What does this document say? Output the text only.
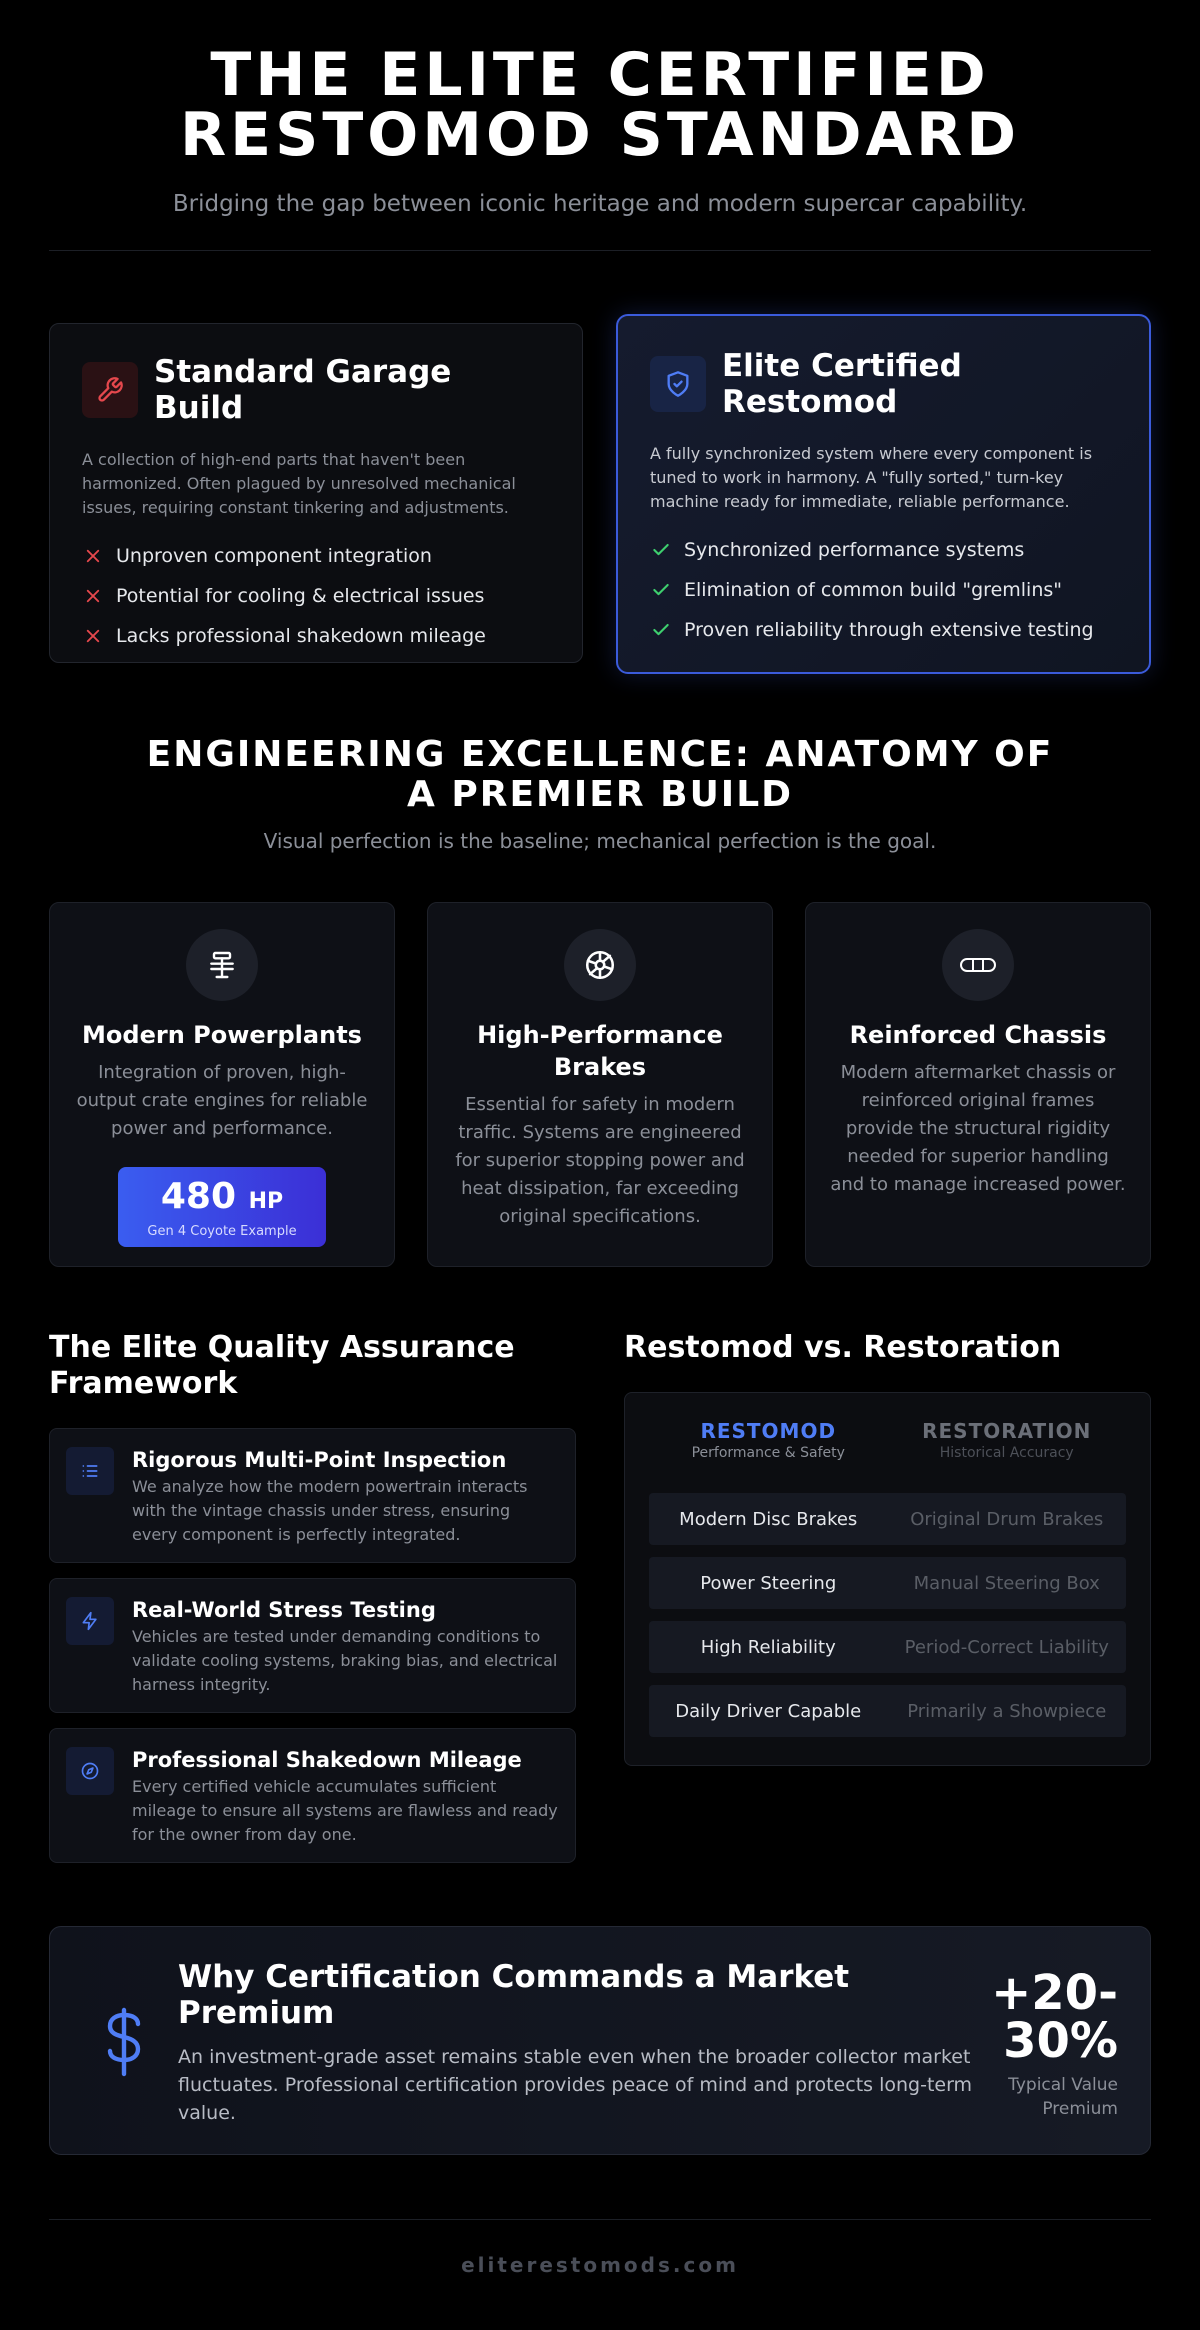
THE ELITE CERTIFIED
RESTOMOD STANDARD
Bridging the gap between iconic heritage and modern supercar capability.
Standard Garage Build
A collection of high-end parts that haven't been harmonized. Often plagued by unresolved mechanical issues, requiring constant tinkering and adjustments.
Unproven component integration
Potential for cooling & electrical issues
Lacks professional shakedown mileage
Elite Certified Restomod
A fully synchronized system where every component is tuned to work in harmony. A "fully sorted," turn-key machine ready for immediate, reliable performance.
Synchronized performance systems
Elimination of common build "gremlins"
Proven reliability through extensive testing
ENGINEERING EXCELLENCE: ANATOMY OF A PREMIER BUILD
Visual perfection is the baseline; mechanical perfection is the goal.
Modern Powerplants
Integration of proven, high-output crate engines for reliable power and performance.
480 HP
Gen 4 Coyote Example
High-Performance Brakes
Essential for safety in modern traffic. Systems are engineered for superior stopping power and heat dissipation, far exceeding original specifications.
Reinforced Chassis
Modern aftermarket chassis or reinforced original frames provide the structural rigidity needed for superior handling and to manage increased power.
The Elite Quality Assurance Framework
Rigorous Multi-Point Inspection
We analyze how the modern powertrain interacts with the vintage chassis under stress, ensuring every component is perfectly integrated.
Real-World Stress Testing
Vehicles are tested under demanding conditions to validate cooling systems, braking bias, and electrical harness integrity.
Professional Shakedown Mileage
Every certified vehicle accumulates sufficient mileage to ensure all systems are flawless and ready for the owner from day one.
Restomod vs. Restoration
RESTOMOD
Performance & Safety
RESTORATION
Historical Accuracy
Modern Disc Brakes	Original Drum Brakes
Power Steering	Manual Steering Box
High Reliability	Period-Correct Liability
Daily Driver Capable	Primarily a Showpiece
Why Certification Commands a Market Premium
An investment-grade asset remains stable even when the broader collector market fluctuates. Professional certification provides peace of mind and protects long-term value.
+20-
30%
Typical Value
Premium
eliterestomods.com
